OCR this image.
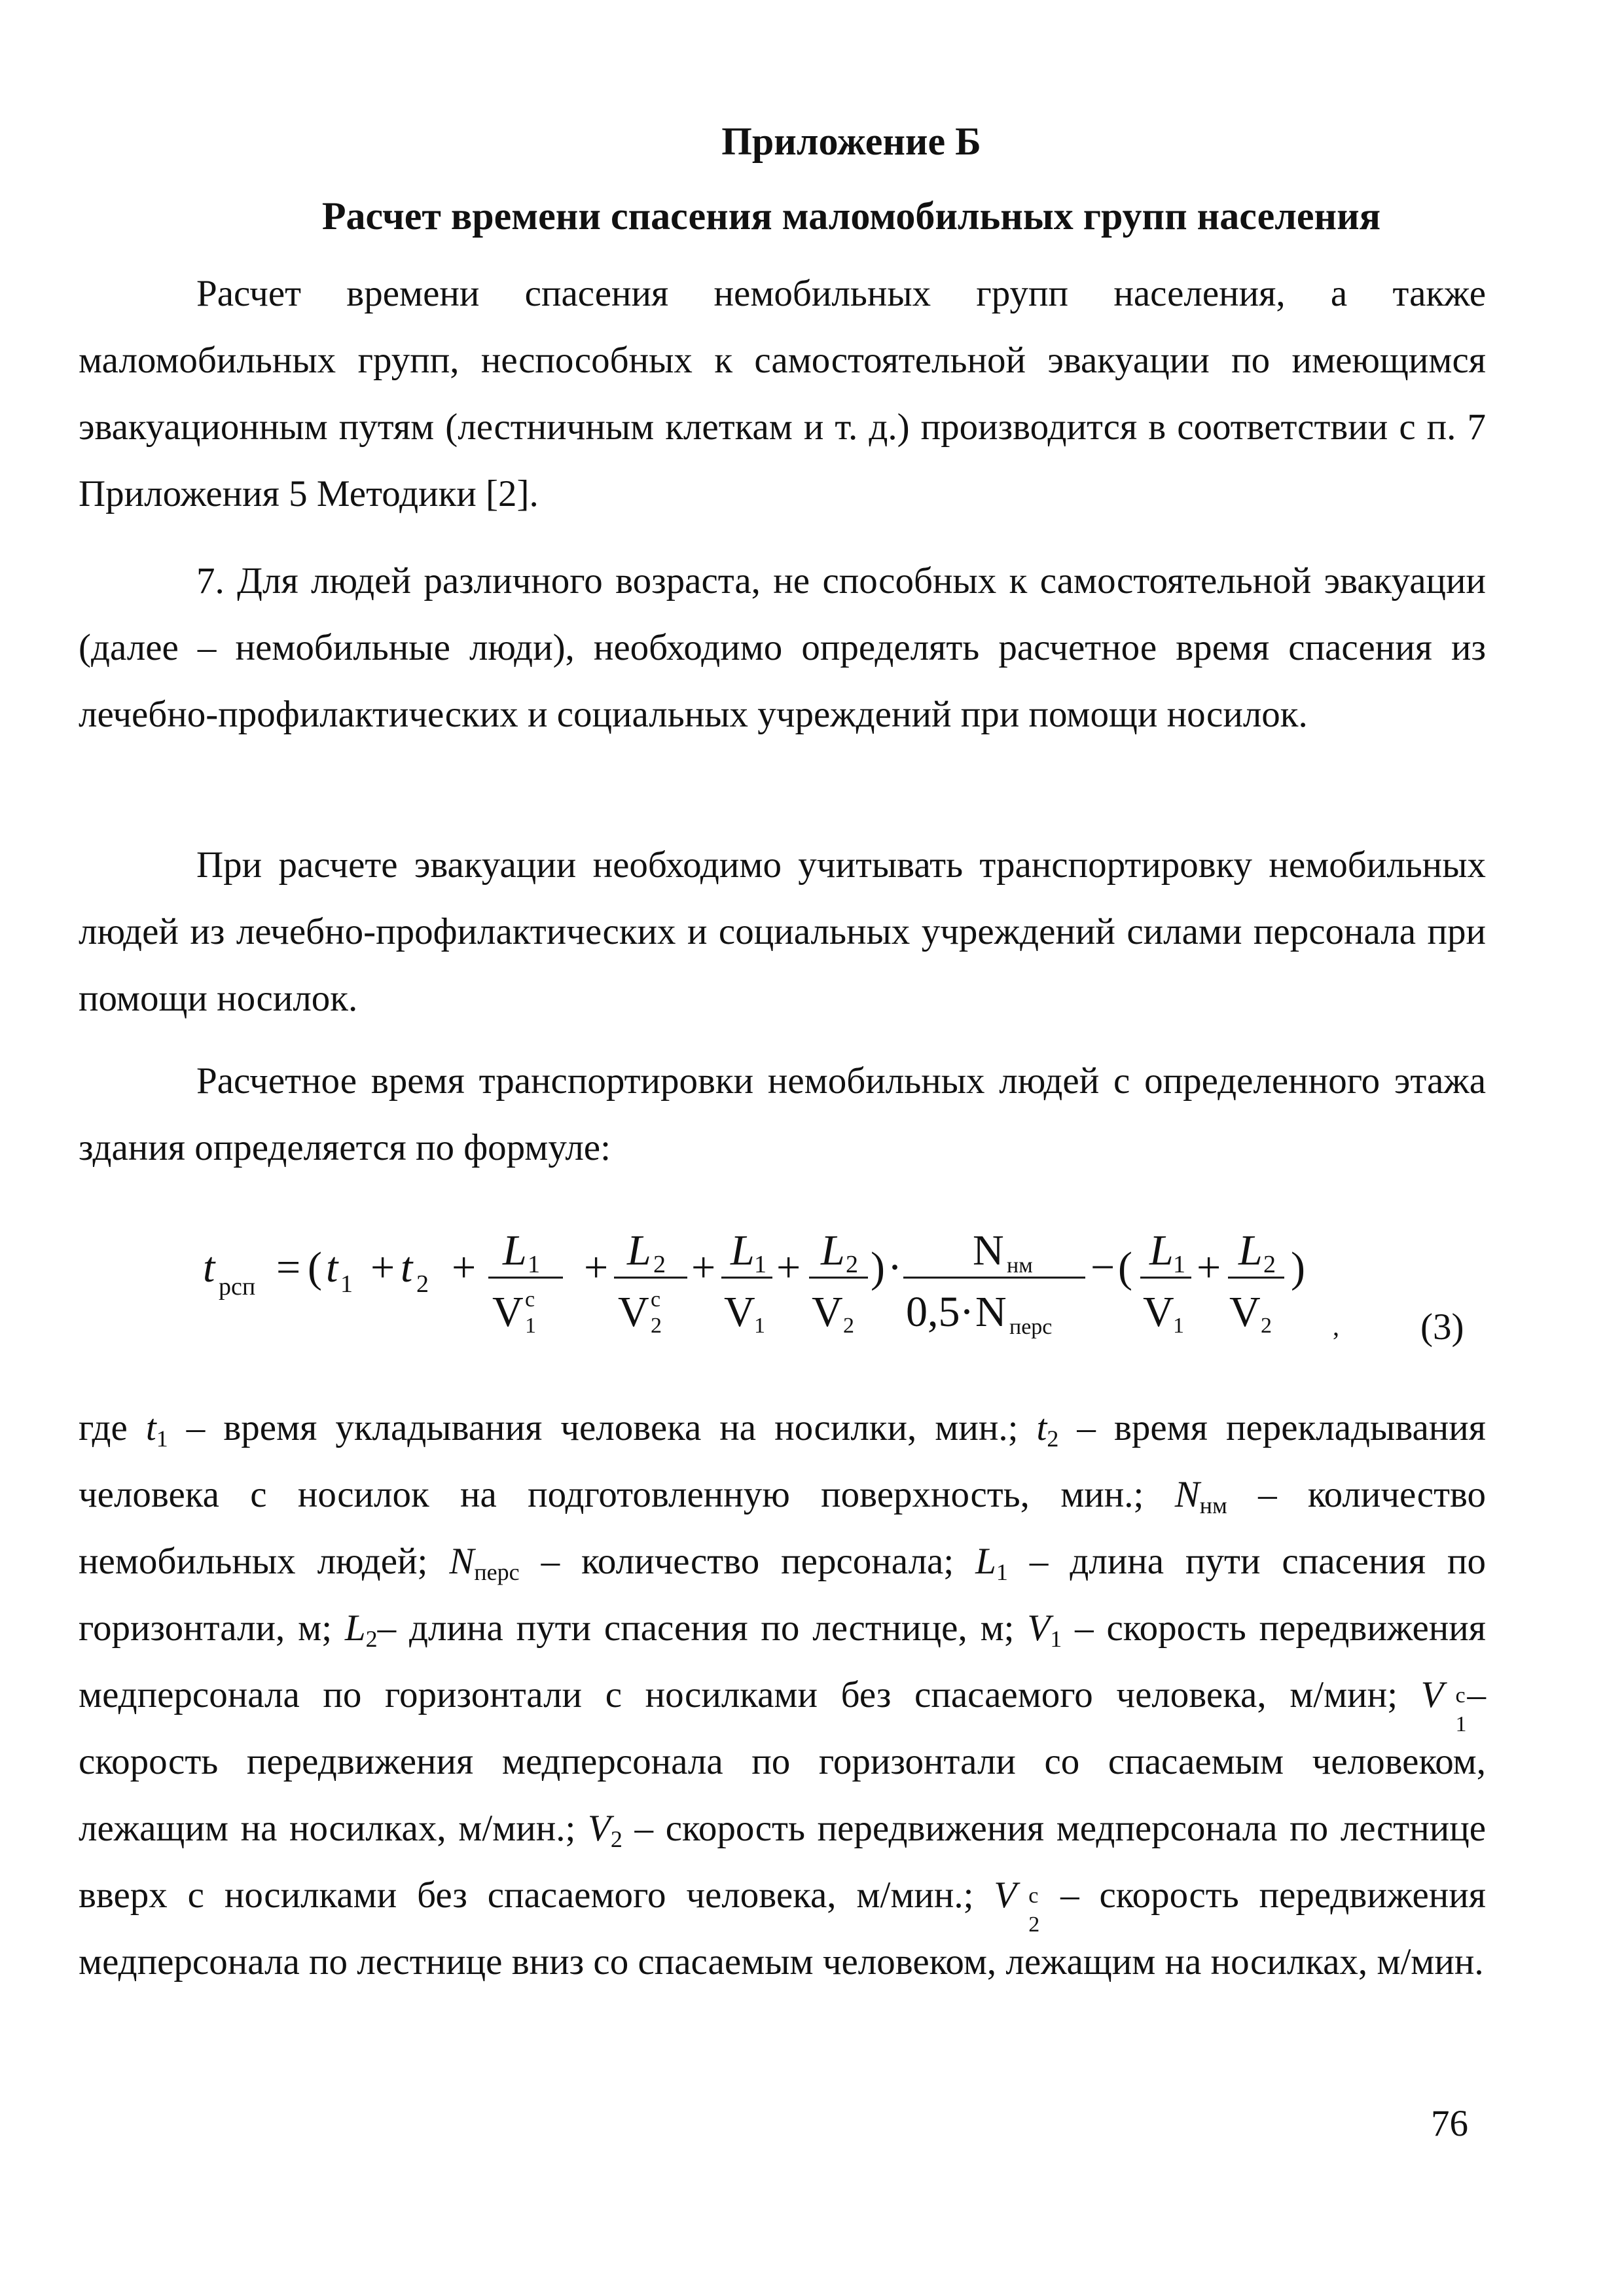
Приложение Б
Расчет времени спасения маломобильных групп населения

Расчет времени спасения немобильных групп населения, а также маломобильных групп, неспособных к самостоятельной эвакуации по имеющимся эвакуационным путям (лестничным клеткам и т. д.) производится в соответствии с п. 7 Приложения 5 Методики [2].

7. Для людей различного возраста, не способных к самостоятельной эвакуации (далее – немобильные люди), необходимо определять расчетное время спасения из лечебно-профилактических и социальных учреждений при помощи носилок.

При расчете эвакуации необходимо учитывать транспортировку немобильных людей из лечебно-профилактических и социальных учреждений силами персонала при помощи носилок.

Расчетное время транспортировки немобильных людей с определенного этажа здания определяется по формуле:

t рсп = ( t 1 + t 2 + L 1
V с
1
+ L 2
V с
2
+ L 1
V
1
+ L 2
V 2
) · N нм
0,5 · N перс
− ( L 1
V
1
+ L 2
V 2
)
, (3)

где $t_1$ – время укладывания человека на носилки, мин.; $t_2$ – время перекладывания человека с носилок на подготовленную поверхность, мин.; $N_{нм}$ – количество немобильных людей; $N_{перс}$ – количество персонала; $L_1$ – длина пути спасения по горизонтали, м; $L_2-$ длина пути спасения по лестнице, м; $V_1$ – скорость передвижения медперсонала по горизонтали с носилками без спасаемого человека, м/мин; V с
1
– скорость передвижения медперсонала по горизонтали со спасаемым человеком, лежащим на носилках, м/мин.; $V_2$ – скорость передвижения медперсонала по лестнице вверх с носилками без спасаемого человека, м/мин.; V с
2
– скорость передвижения медперсонала по лестнице вниз со спасаемым человеком, лежащим на носилках, м/мин.

76
